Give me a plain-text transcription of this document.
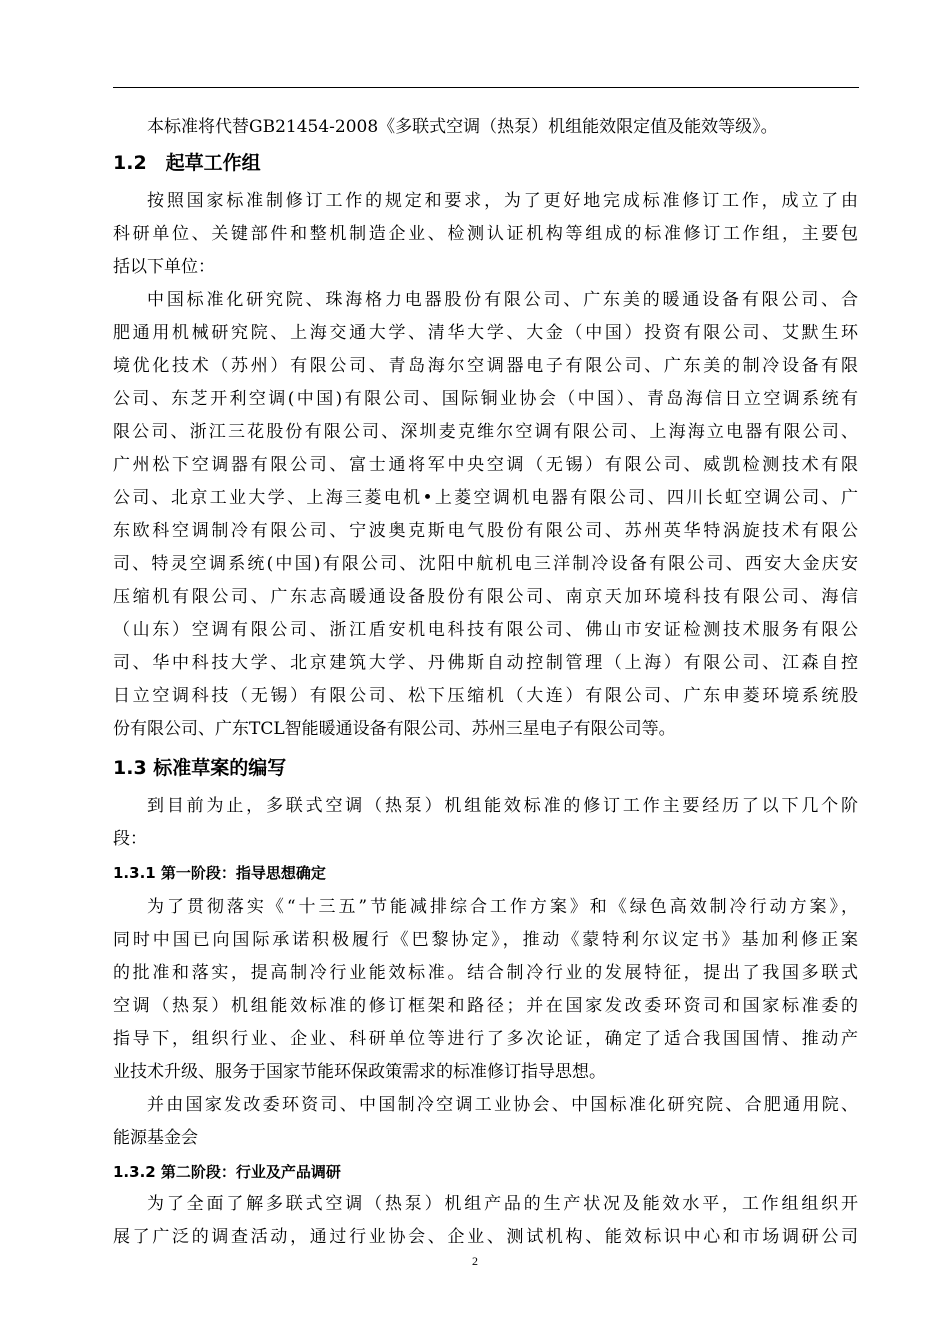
本标准将代替GB21454-2008《多联式空调（热泵）机组能效限定值及能效等级》。
1.2　起草工作组
按照国家标准制修订工作的规定和要求，为了更好地完成标准修订工作，成立了由
科研单位、关键部件和整机制造企业、检测认证机构等组成的标准修订工作组，主要包
括以下单位：
中国标准化研究院、珠海格力电器股份有限公司、广东美的暖通设备有限公司、合
肥通用机械研究院、上海交通大学、清华大学、大金（中国）投资有限公司、艾默生环
境优化技术（苏州）有限公司、青岛海尔空调器电子有限公司、广东美的制冷设备有限
公司、东芝开利空调(中国)有限公司、国际铜业协会（中国）、青岛海信日立空调系统有
限公司、浙江三花股份有限公司、深圳麦克维尔空调有限公司、上海海立电器有限公司、
广州松下空调器有限公司、富士通将军中央空调（无锡）有限公司、威凯检测技术有限
公司、北京工业大学、上海三菱电机•上菱空调机电器有限公司、四川长虹空调公司、广
东欧科空调制冷有限公司、宁波奥克斯电气股份有限公司、苏州英华特涡旋技术有限公
司、特灵空调系统(中国)有限公司、沈阳中航机电三洋制冷设备有限公司、西安大金庆安
压缩机有限公司、广东志高暖通设备股份有限公司、南京天加环境科技有限公司、海信
（山东）空调有限公司、浙江盾安机电科技有限公司、佛山市安证检测技术服务有限公
司、华中科技大学、北京建筑大学、丹佛斯自动控制管理（上海）有限公司、江森自控
日立空调科技（无锡）有限公司、松下压缩机（大连）有限公司、广东申菱环境系统股
份有限公司、广东TCL智能暖通设备有限公司、苏州三星电子有限公司等。
1.3 标准草案的编写
到目前为止，多联式空调（热泵）机组能效标准的修订工作主要经历了以下几个阶
段：
1.3.1 第一阶段：指导思想确定
为了贯彻落实《“十三五”节能减排综合工作方案》和《绿色高效制冷行动方案》，
同时中国已向国际承诺积极履行《巴黎协定》，推动《蒙特利尔议定书》基加利修正案
的批准和落实，提高制冷行业能效标准。结合制冷行业的发展特征，提出了我国多联式
空调（热泵）机组能效标准的修订框架和路径；并在国家发改委环资司和国家标准委的
指导下，组织行业、企业、科研单位等进行了多次论证，确定了适合我国国情、推动产
业技术升级、服务于国家节能环保政策需求的标准修订指导思想。
并由国家发改委环资司、中国制冷空调工业协会、中国标准化研究院、合肥通用院、
能源基金会
1.3.2 第二阶段：行业及产品调研
为了全面了解多联式空调（热泵）机组产品的生产状况及能效水平，工作组组织开
展了广泛的调查活动，通过行业协会、企业、测试机构、能效标识中心和市场调研公司
2
